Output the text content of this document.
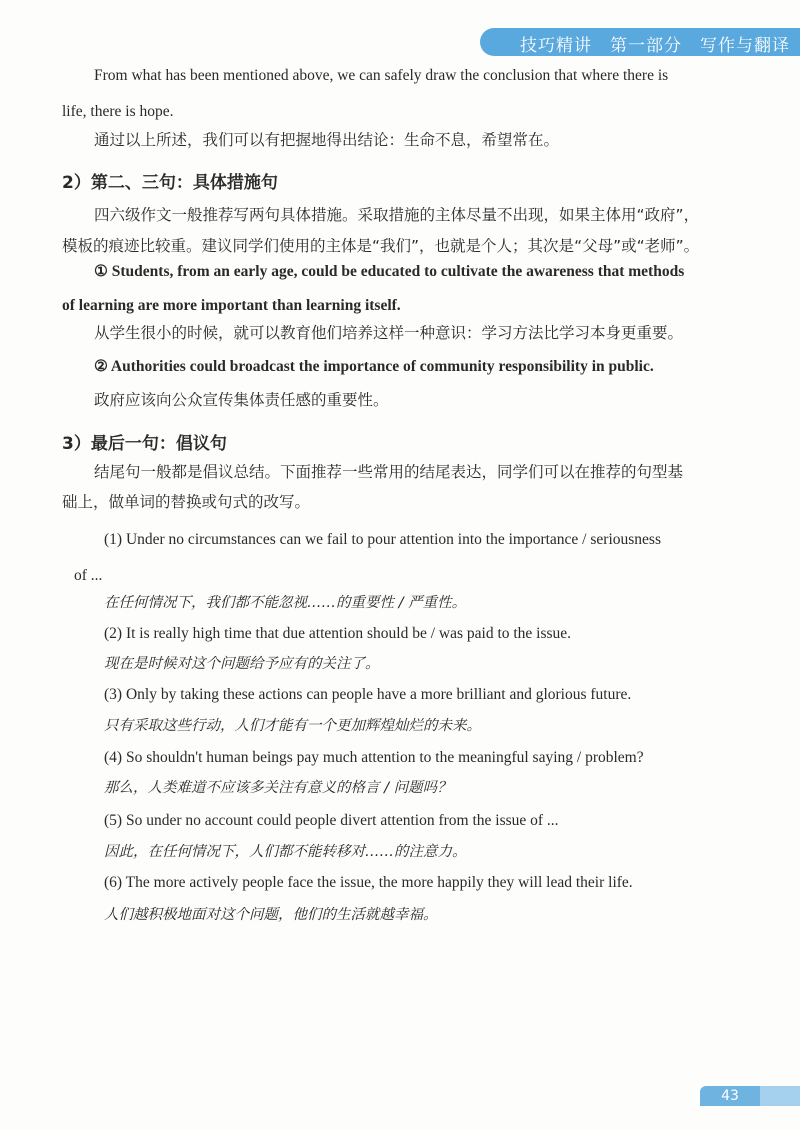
技巧精讲　第一部分　写作与翻译
From what has been mentioned above, we can safely draw the conclusion that where there is
life, there is hope.
通过以上所述，我们可以有把握地得出结论：生命不息，希望常在。
2）第二、三句：具体措施句
四六级作文一般推荐写两句具体措施。采取措施的主体尽量不出现，如果主体用“政府”，
模板的痕迹比较重。建议同学们使用的主体是“我们”，也就是个人；其次是“父母”或“老师”。
① Students, from an early age, could be educated to cultivate the awareness that methods
of learning are more important than learning itself.
从学生很小的时候，就可以教育他们培养这样一种意识：学习方法比学习本身更重要。
② Authorities could broadcast the importance of community responsibility in public.
政府应该向公众宣传集体责任感的重要性。
3）最后一句：倡议句
结尾句一般都是倡议总结。下面推荐一些常用的结尾表达，同学们可以在推荐的句型基
础上，做单词的替换或句式的改写。
(1) Under no circumstances can we fail to pour attention into the importance / seriousness
of ...
在任何情况下，我们都不能忽视……的重要性 / 严重性。
(2) It is really high time that due attention should be / was paid to the issue.
现在是时候对这个问题给予应有的关注了。
(3) Only by taking these actions can people have a more brilliant and glorious future.
只有采取这些行动，人们才能有一个更加辉煌灿烂的未来。
(4) So shouldn't human beings pay much attention to the meaningful saying / problem?
那么，人类难道不应该多关注有意义的格言 / 问题吗？
(5) So under no account could people divert attention from the issue of ...
因此，在任何情况下，人们都不能转移对……的注意力。
(6) The more actively people face the issue, the more happily they will lead their life.
人们越积极地面对这个问题，他们的生活就越幸福。
43
